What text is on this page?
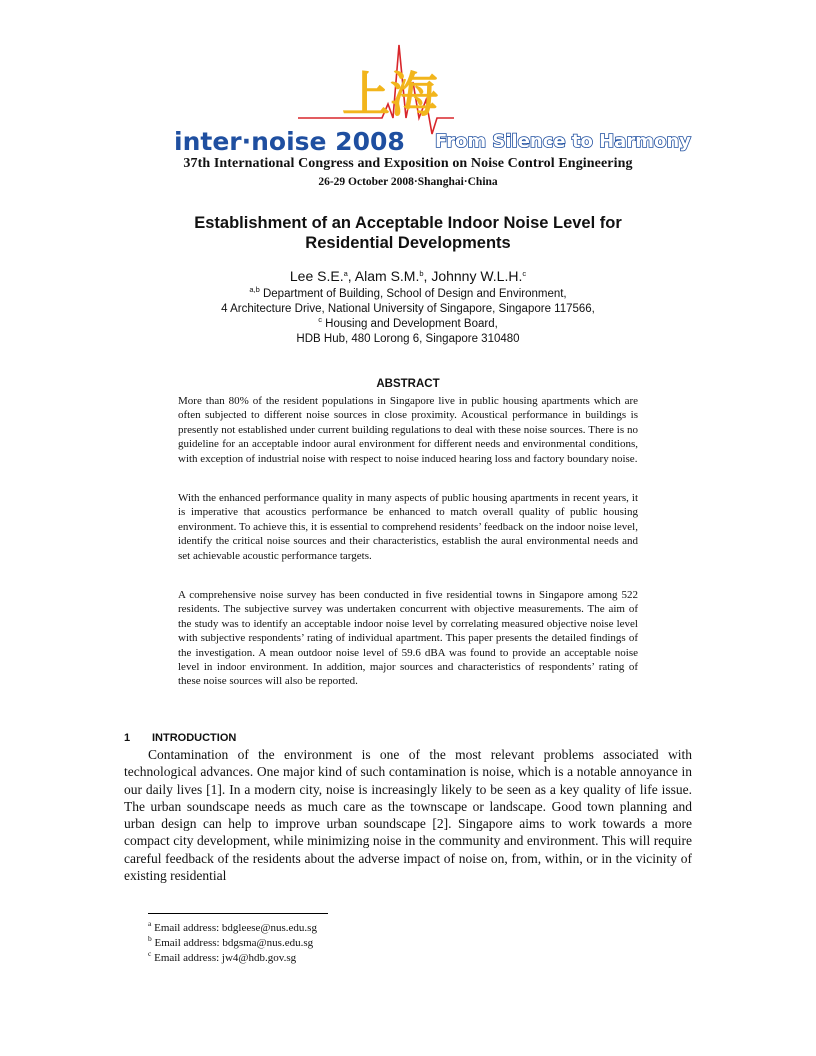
上海
inter·noise 2008 From Silence to Harmony
37th International Congress and Exposition on Noise Control Engineering
26-29 October 2008·Shanghai·China
Establishment of an Acceptable Indoor Noise Level for
Residential Developments
Lee S.E.$^a$, Alam S.M.$^b$, Johnny W.L.H.$^c$
$^{a,b}$ Department of Building, School of Design and Environment,
4 Architecture Drive, National University of Singapore, Singapore 117566,
$^c$ Housing and Development Board,
HDB Hub, 480 Lorong 6, Singapore 310480
ABSTRACT

More than 80% of the resident populations in Singapore live in public housing apartments which are often subjected to different noise sources in close proximity. Acoustical performance in buildings is presently not established under current building regulations to deal with these noise sources. There is no guideline for an acceptable indoor aural environment for different needs and environmental conditions, with exception of industrial noise with respect to noise induced hearing loss and factory boundary noise.

With the enhanced performance quality in many aspects of public housing apartments in recent years, it is imperative that acoustics performance be enhanced to match overall quality of public housing environment. To achieve this, it is essential to comprehend residents’ feedback on the indoor noise level, identify the critical noise sources and their characteristics, establish the aural environmental needs and set achievable acoustic performance targets.

A comprehensive noise survey has been conducted in five residential towns in Singapore among 522 residents. The subjective survey was undertaken concurrent with objective measurements. The aim of the study was to identify an acceptable indoor noise level by correlating measured objective noise level with subjective respondents’ rating of individual apartment. This paper presents the detailed findings of the investigation. A mean outdoor noise level of 59.6 dBA was found to provide an acceptable noise level in indoor environment. In addition, major sources and characteristics of respondents’ rating of these noise sources will also be reported.

1 INTRODUCTION

Contamination of the environment is one of the most relevant problems associated with technological advances. One major kind of such contamination is noise, which is a notable annoyance in our daily lives [1]. In a modern city, noise is increasingly likely to be seen as a key quality of life issue. The urban soundscape needs as much care as the townscape or landscape. Good town planning and urban design can help to improve urban soundscape [2]. Singapore aims to work towards a more compact city development, while minimizing noise in the community and environment. This will require careful feedback of the residents about the adverse impact of noise on, from, within, or in the vicinity of existing residential

$^a$ Email address: bdgleese@nus.edu.sg
$^b$ Email address: bdgsma@nus.edu.sg
$^c$ Email address: jw4@hdb.gov.sg
